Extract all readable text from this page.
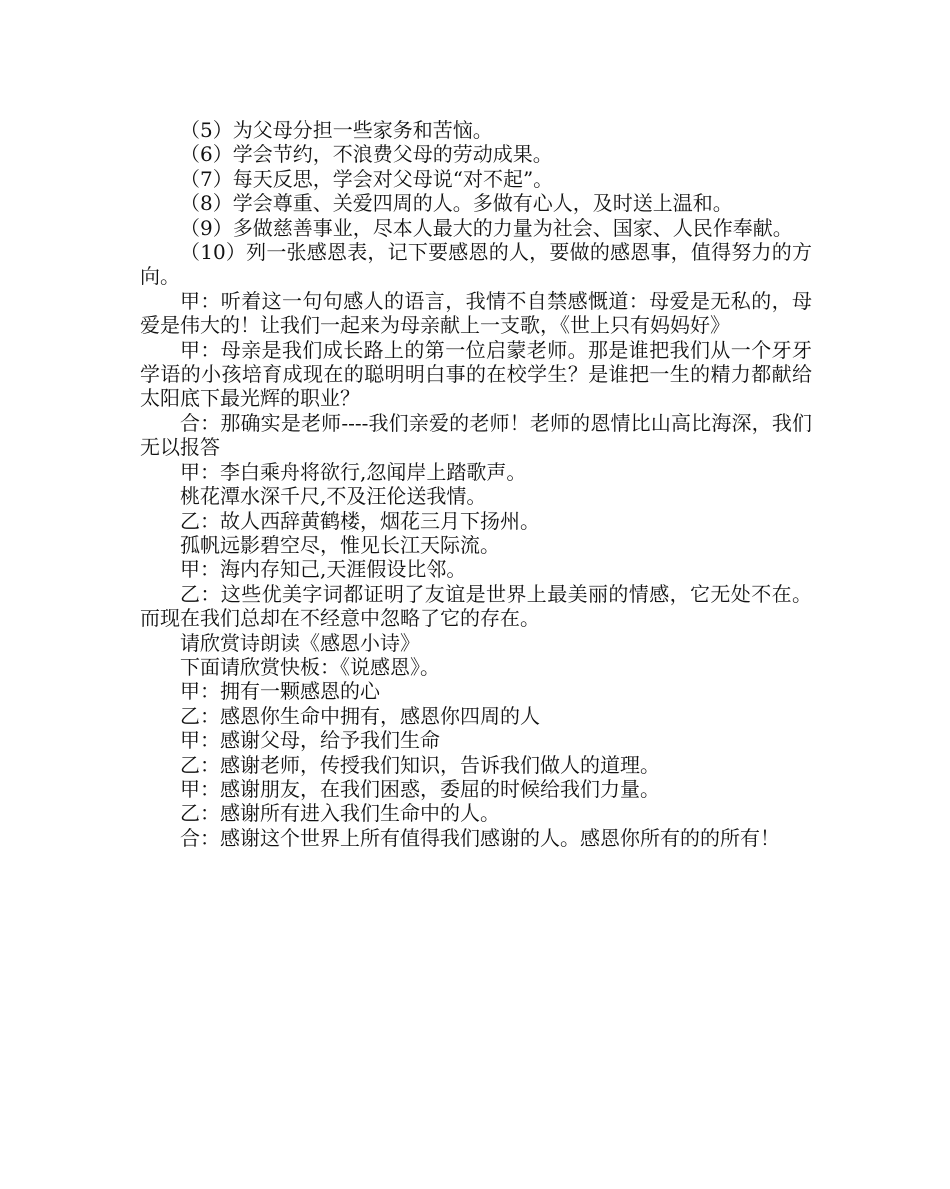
（5）为父母分担一些家务和苦恼。

（6）学会节约，不浪费父母的劳动成果。

（7）每天反思，学会对父母说“对不起”。

（8）学会尊重、关爱四周的人。多做有心人，及时送上温和。

（9）多做慈善事业，尽本人最大的力量为社会、国家、人民作奉献。

（10）列一张感恩表，记下要感恩的人，要做的感恩事，值得努力的方向。

甲：听着这一句句感人的语言，我情不自禁感慨道：母爱是无私的，母爱是伟大的！让我们一起来为母亲献上一支歌，《世上只有妈妈好》

甲：母亲是我们成长路上的第一位启蒙老师。那是谁把我们从一个牙牙学语的小孩培育成现在的聪明明白事的在校学生？是谁把一生的精力都献给太阳底下最光辉的职业？

合：那确实是老师----我们亲爱的老师！老师的恩情比山高比海深，我们无以报答

甲：李白乘舟将欲行,忽闻岸上踏歌声。

桃花潭水深千尺,不及汪伦送我情。

乙：故人西辞黄鹤楼，烟花三月下扬州。

孤帆远影碧空尽，惟见长江天际流。

甲：海内存知己,天涯假设比邻。

乙：这些优美字词都证明了友谊是世界上最美丽的情感，它无处不在。而现在我们总却在不经意中忽略了它的存在。

请欣赏诗朗读《感恩小诗》

下面请欣赏快板：《说感恩》。

甲：拥有一颗感恩的心

乙：感恩你生命中拥有，感恩你四周的人

甲：感谢父母，给予我们生命

乙：感谢老师，传授我们知识，告诉我们做人的道理。

甲：感谢朋友，在我们困惑，委屈的时候给我们力量。

乙：感谢所有进入我们生命中的人。

合：感谢这个世界上所有值得我们感谢的人。感恩你所有的的所有！
